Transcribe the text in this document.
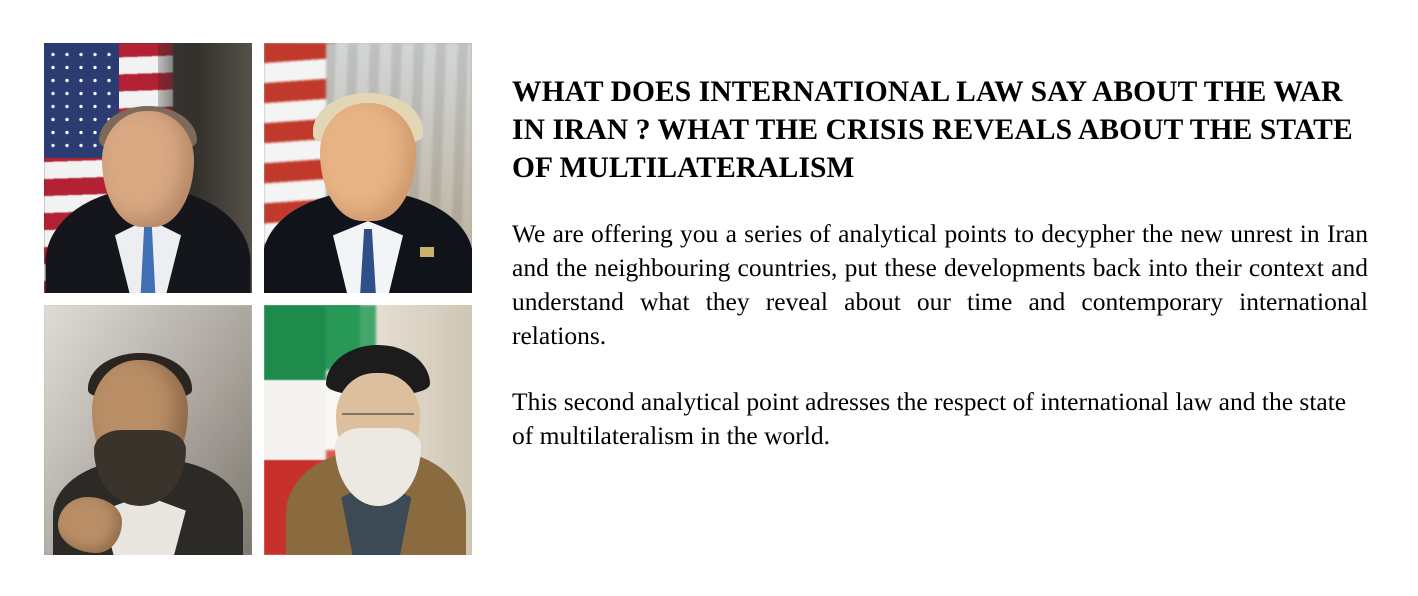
WHAT DOES INTERNATIONAL LAW SAY ABOUT THE WAR IN IRAN ? WHAT THE CRISIS REVEALS ABOUT THE STATE OF MULTILATERALISM

We are offering you a series of analytical points to decypher the new unrest in Iran and the neighbouring countries, put these developments back into their context and understand what they reveal about our time and contemporary international relations.

This second analytical point adresses the respect of international law and the state of multilateralism in the world.
